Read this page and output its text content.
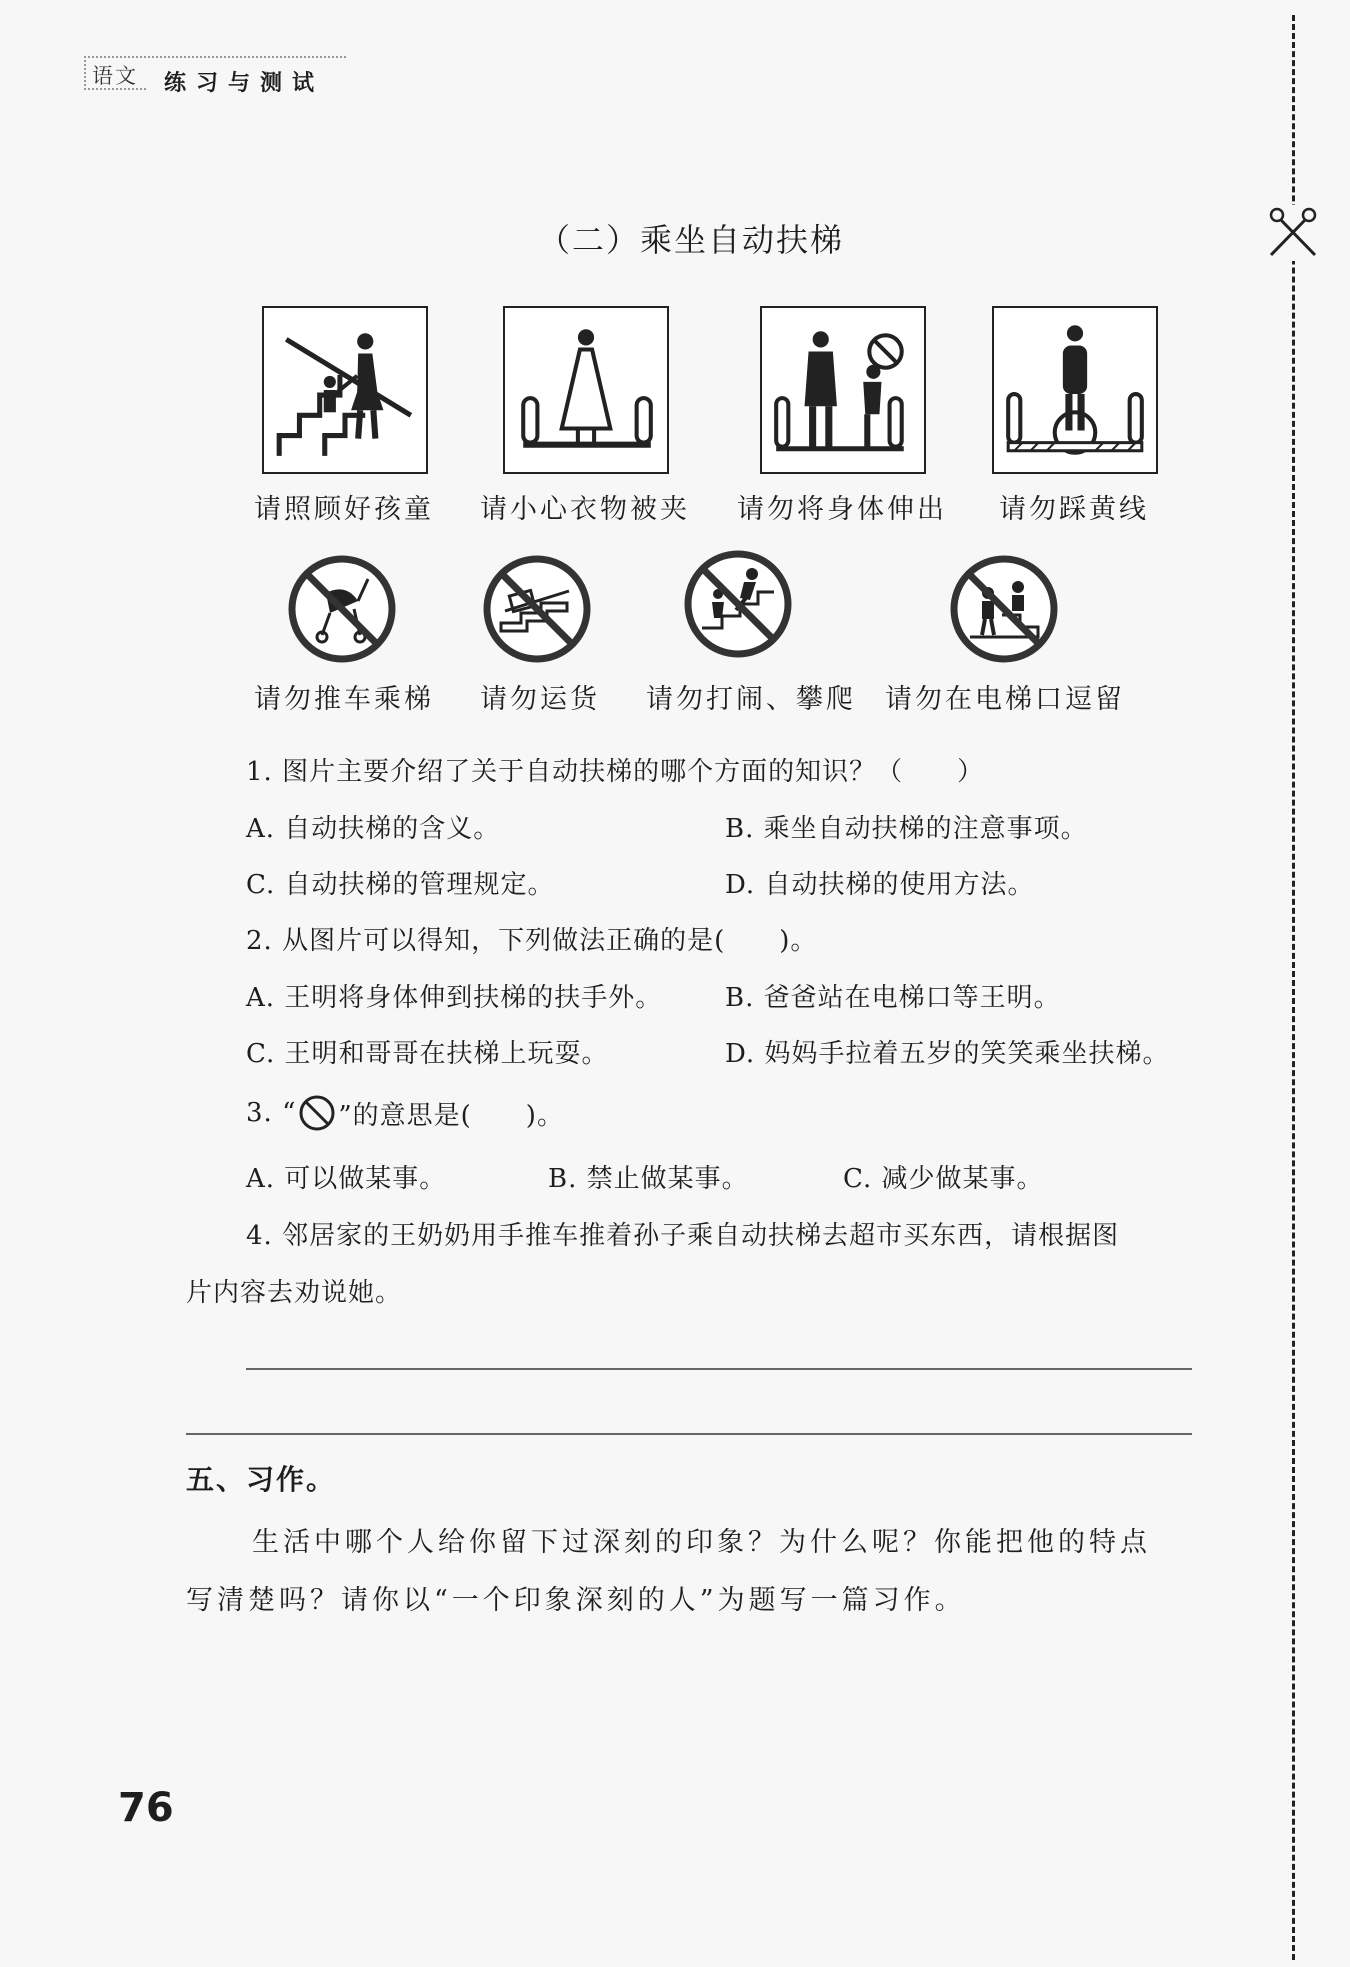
语文 练习与测试
（二）乘坐自动扶梯
请照顾好孩童 请小心衣物被夹 请勿将身体伸出 请勿踩黄线
请勿推车乘梯 请勿运货 请勿打闹、攀爬 请勿在电梯口逗留
1. 图片主要介绍了关于自动扶梯的哪个方面的知识？（　　）
A. 自动扶梯的含义。	B. 乘坐自动扶梯的注意事项。
C. 自动扶梯的管理规定。	D. 自动扶梯的使用方法。
2. 从图片可以得知，下列做法正确的是(　　)。
A. 王明将身体伸到扶梯的扶手外。 B. 爸爸站在电梯口等王明。
C. 王明和哥哥在扶梯上玩耍。	D. 妈妈手拉着五岁的笑笑乘坐扶梯。
3. “ ”的意思是(　　)。
A. 可以做某事。	B. 禁止做某事。	C. 减少做某事。
4. 邻居家的王奶奶用手推车推着孙子乘自动扶梯去超市买东西，请根据图
片内容去劝说她。
五、习作。
生活中哪个人给你留下过深刻的印象？为什么呢？你能把他的特点
写清楚吗？请你以“一个印象深刻的人”为题写一篇习作。
76
